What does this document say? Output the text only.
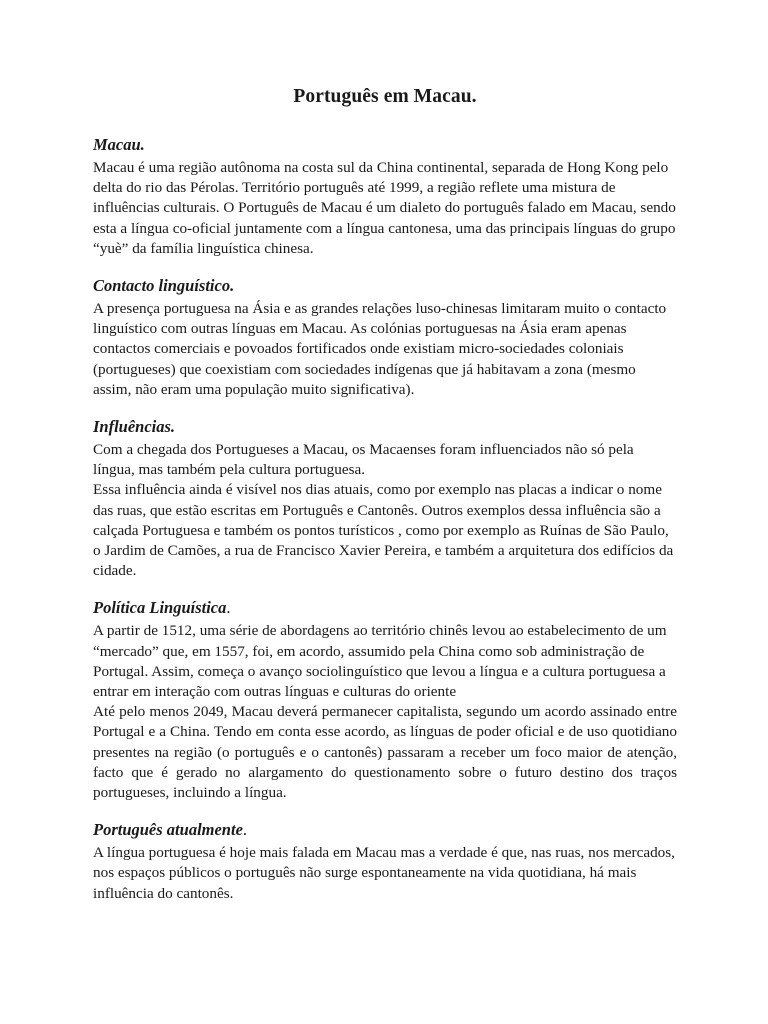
Português em Macau.
Macau.

Macau é uma região autônoma na costa sul da China continental, separada de Hong Kong pelo delta do rio das Pérolas. Território português até 1999, a região reflete uma mistura de influências culturais. O Português de Macau é um dialeto do português falado em Macau, sendo esta a língua co-oficial juntamente com a língua cantonesa, uma das principais línguas do grupo “yuè” da família linguística chinesa.

Contacto linguístico.

A presença portuguesa na Ásia e as grandes relações luso-chinesas limitaram muito o contacto linguístico com outras línguas em Macau. As colónias portuguesas na Ásia eram apenas contactos comerciais e povoados fortificados onde existiam micro-sociedades coloniais (portugueses) que coexistiam com sociedades indígenas que já habitavam a zona (mesmo assim, não eram uma população muito significativa).

Influências.

Com a chegada dos Portugueses a Macau, os Macaenses foram influenciados não só pela língua, mas também pela cultura portuguesa.

Essa influência ainda é visível nos dias atuais, como por exemplo nas placas a indicar o nome das ruas, que estão escritas em Português e Cantonês. Outros exemplos dessa influência são a calçada Portuguesa e também os pontos turísticos , como por exemplo as Ruínas de São Paulo, o Jardim de Camões, a rua de Francisco Xavier Pereira, e também a arquitetura dos edifícios da cidade.

Política Linguística.

A partir de 1512, uma série de abordagens ao território chinês levou ao estabelecimento de um “mercado” que, em 1557, foi, em acordo, assumido pela China como sob administração de Portugal. Assim, começa o avanço sociolinguístico que levou a língua e a cultura portuguesa a entrar em interação com outras línguas e culturas do oriente

Até pelo menos 2049, Macau deverá permanecer capitalista, segundo um acordo assinado entre Portugal e a China. Tendo em conta esse acordo, as línguas de poder oficial e de uso quotidiano presentes na região (o português e o cantonês) passaram a receber um foco maior de atenção, facto que é gerado no alargamento do questionamento sobre o futuro destino dos traços portugueses, incluindo a língua.

Português atualmente.

A língua portuguesa é hoje mais falada em Macau mas a verdade é que, nas ruas, nos mercados, nos espaços públicos o português não surge espontaneamente na vida quotidiana, há mais influência do cantonês.
